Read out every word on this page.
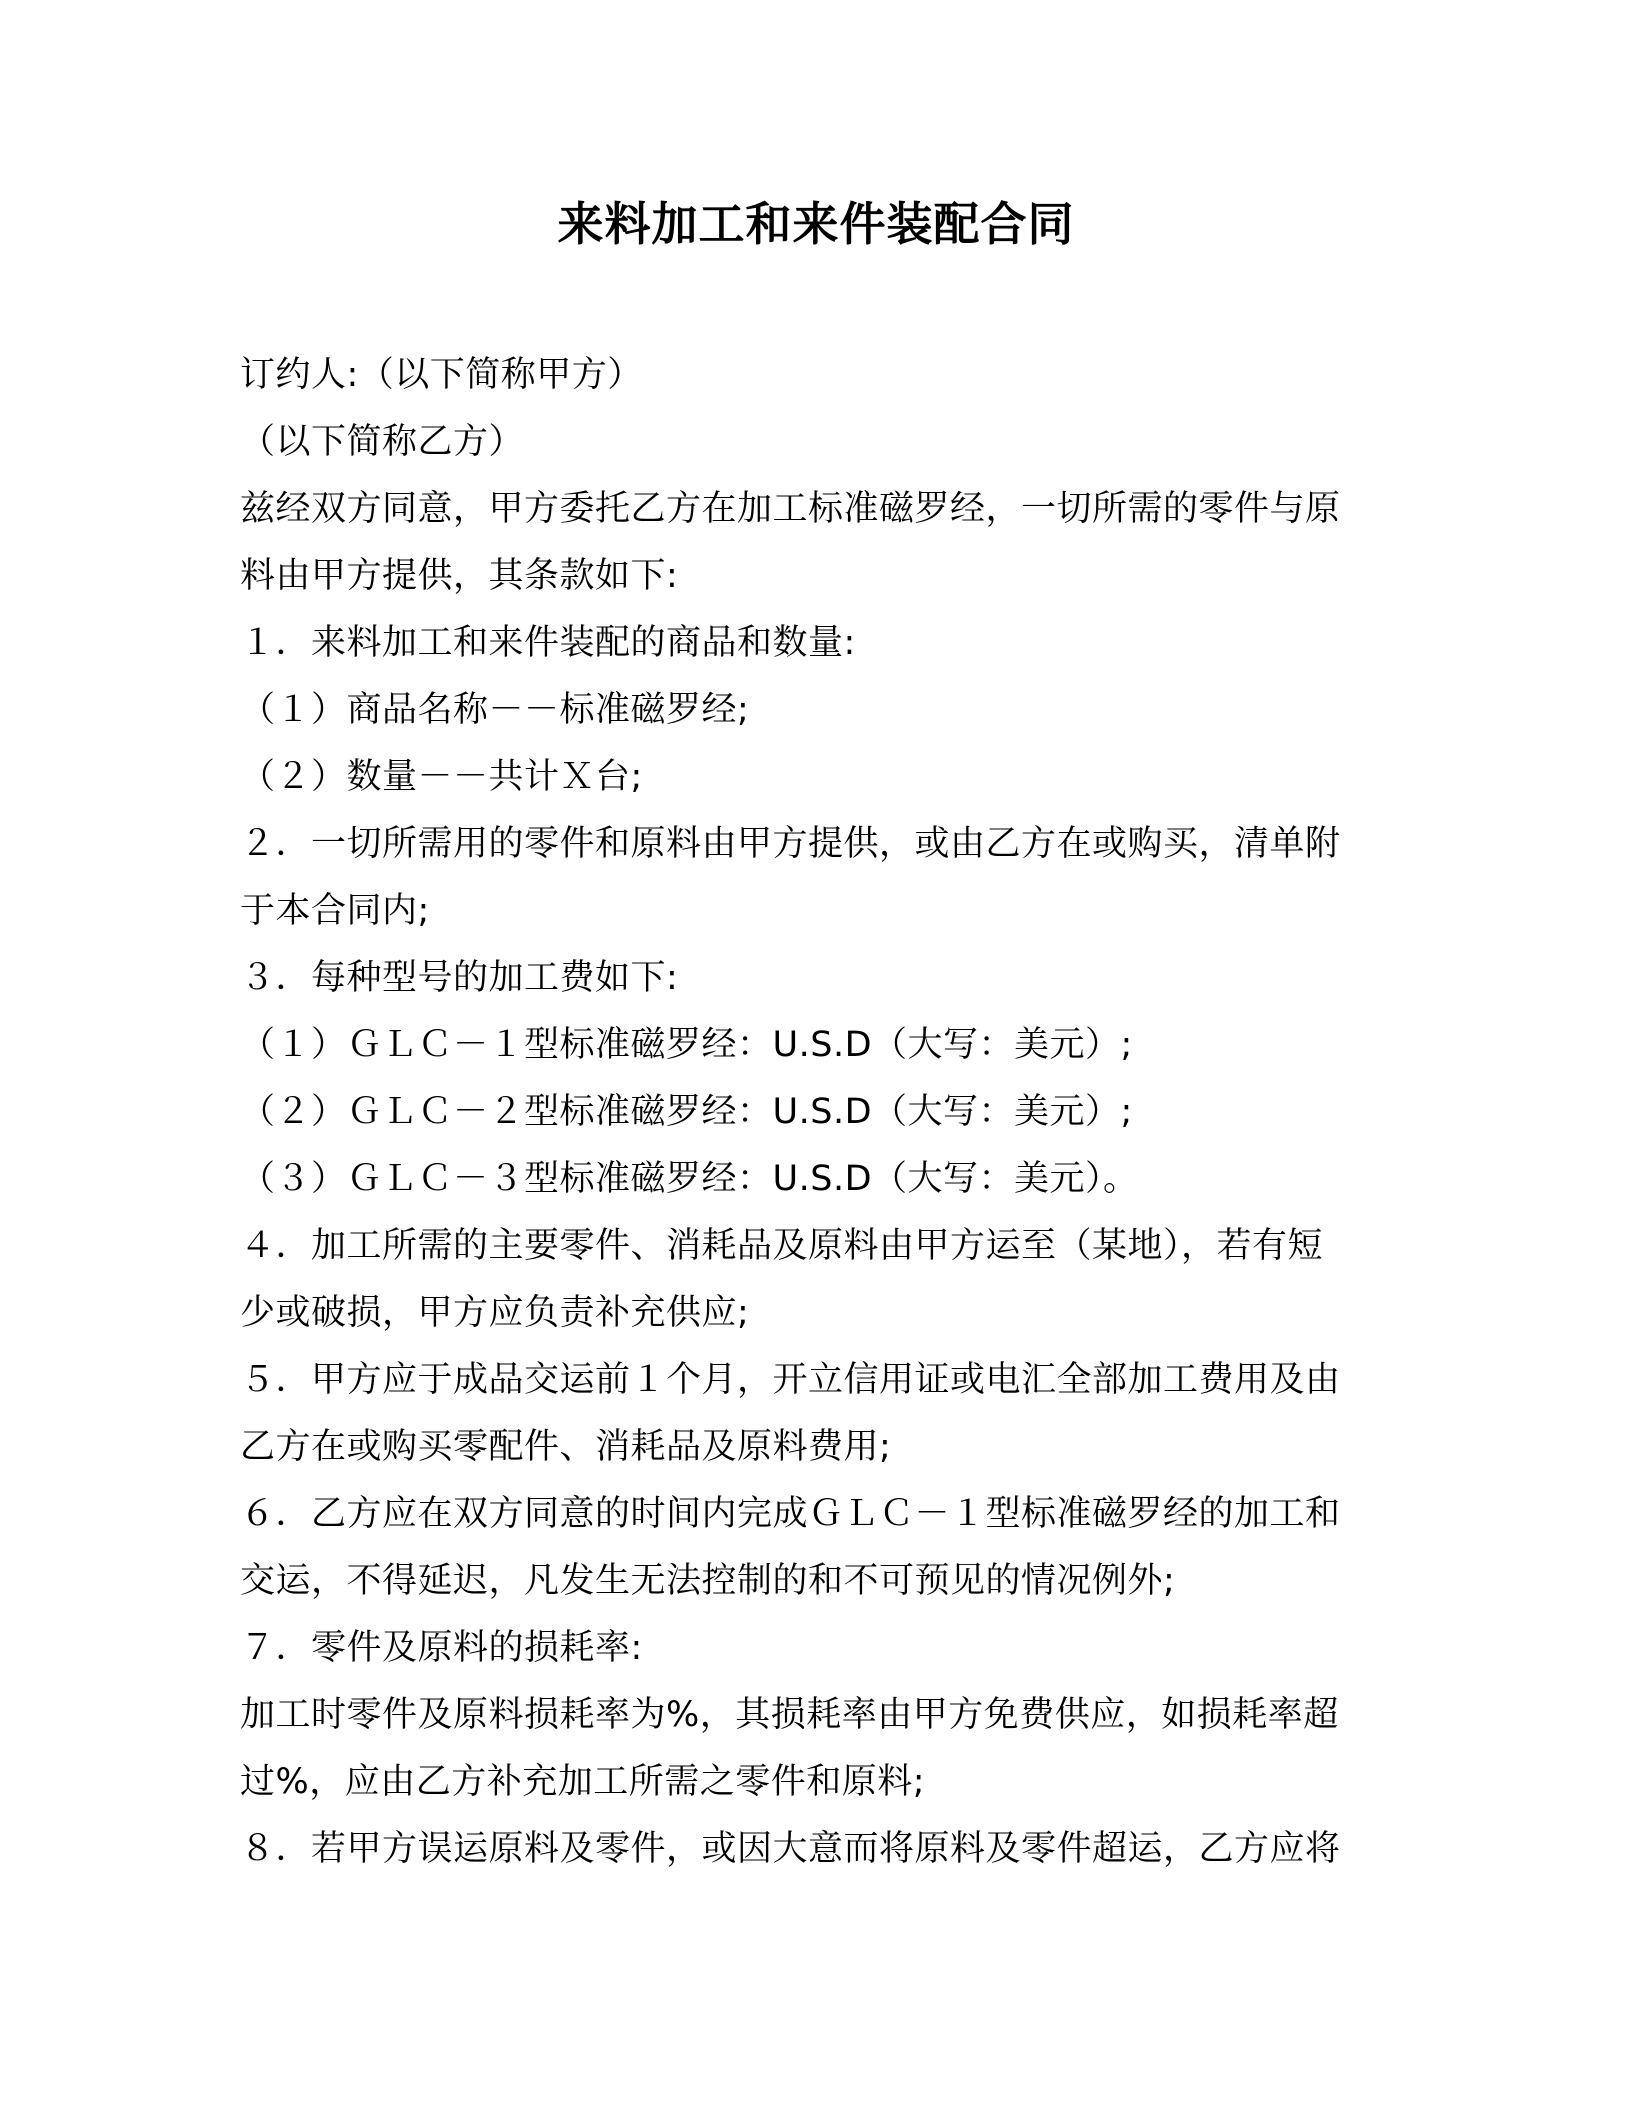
来料加工和来件装配合同
订约人:（以下简称甲方）
（以下简称乙方）
兹经双方同意，甲方委托乙方在加工标准磁罗经，一切所需的零件与原
料由甲方提供，其条款如下:
１．来料加工和来件装配的商品和数量:
（１）商品名称－－标准磁罗经;
（２）数量－－共计Ｘ台;
２．一切所需用的零件和原料由甲方提供，或由乙方在或购买，清单附
于本合同内;
３．每种型号的加工费如下:
（１）ＧＬＣ－１型标准磁罗经：U.S.D（大写：美元）;
（２）ＧＬＣ－２型标准磁罗经：U.S.D（大写：美元）;
（３）ＧＬＣ－３型标准磁罗经：U.S.D（大写：美元）。
４．加工所需的主要零件、消耗品及原料由甲方运至（某地），若有短
少或破损，甲方应负责补充供应;
５．甲方应于成品交运前１个月，开立信用证或电汇全部加工费用及由
乙方在或购买零配件、消耗品及原料费用;
６．乙方应在双方同意的时间内完成ＧＬＣ－１型标准磁罗经的加工和
交运，不得延迟，凡发生无法控制的和不可预见的情况例外;
７．零件及原料的损耗率:
加工时零件及原料损耗率为%，其损耗率由甲方免费供应，如损耗率超
过%，应由乙方补充加工所需之零件和原料;
８．若甲方误运原料及零件，或因大意而将原料及零件超运，乙方应将
